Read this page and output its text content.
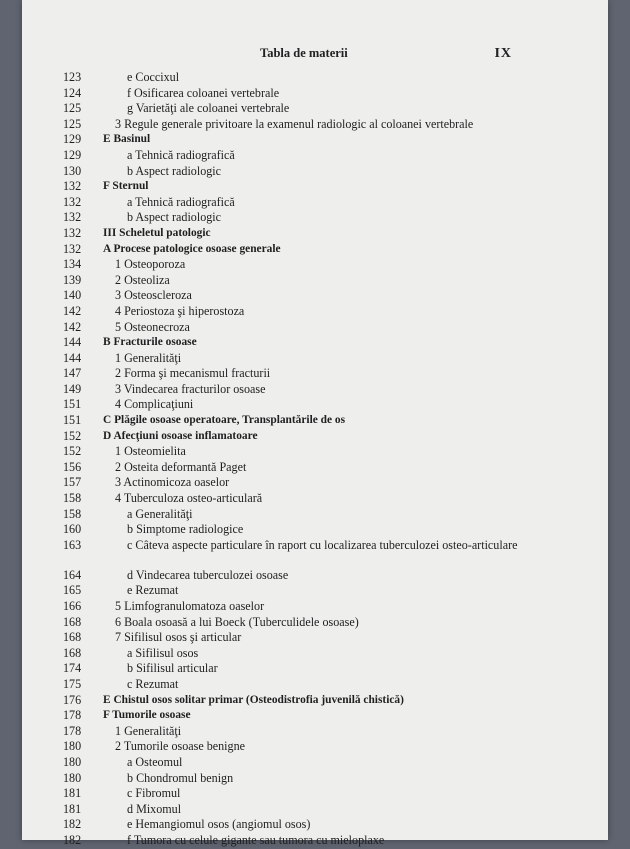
Tabla de materii	IX
123	e Coccixul
124	f Osificarea coloanei vertebrale
125	g Varietăţi ale coloanei vertebrale
125	3 Regule generale privitoare la examenul radiologic al coloanei vertebrale
129	E Basinul
129	a Tehnică radiografică
130	b Aspect radiologic
132	F Sternul
132	a Tehnică radiografică
132	b Aspect radiologic
132	III Scheletul patologic
132	A Procese patologice osoase generale
134	1 Osteoporoza
139	2 Osteoliza
140	3 Osteoscleroza
142	4 Periostoza şi hiperostoza
142	5 Osteonecroza
144	B Fracturile osoase
144	1 Generalităţi
147	2 Forma şi mecanismul fracturii
149	3 Vindecarea fracturilor osoase
151	4 Complicaţiuni
151	C Plăgile osoase operatoare, Transplantările de os
152	D Afecţiuni osoase inflamatoare
152	1 Osteomielita
156	2 Osteita deformantă Paget
157	3 Actinomicoza oaselor
158	4 Tuberculoza osteo-articulară
158	a Generalităţi
160	b Simptome radiologice
163	c Câteva aspecte particulare în raport cu localizarea tuberculozei osteo-articulare
164	d Vindecarea tuberculozei osoase
165	e Rezumat
166	5 Limfogranulomatoza oaselor
168	6 Boala osoasă a lui Boeck (Tuberculidele osoase)
168	7 Sifilisul osos şi articular
168	a Sifilisul osos
174	b Sifilisul articular
175	c Rezumat
176	E Chistul osos solitar primar (Osteodistrofia juvenilă chistică)
178	F Tumorile osoase
178	1 Generalităţi
180	2 Tumorile osoase benigne
180	a Osteomul
180	b Chondromul benign
181	c Fibromul
181	d Mixomul
182	e Hemangiomul osos (angiomul osos)
182	f Tumora cu celule gigante sau tumora cu mieloplaxe
